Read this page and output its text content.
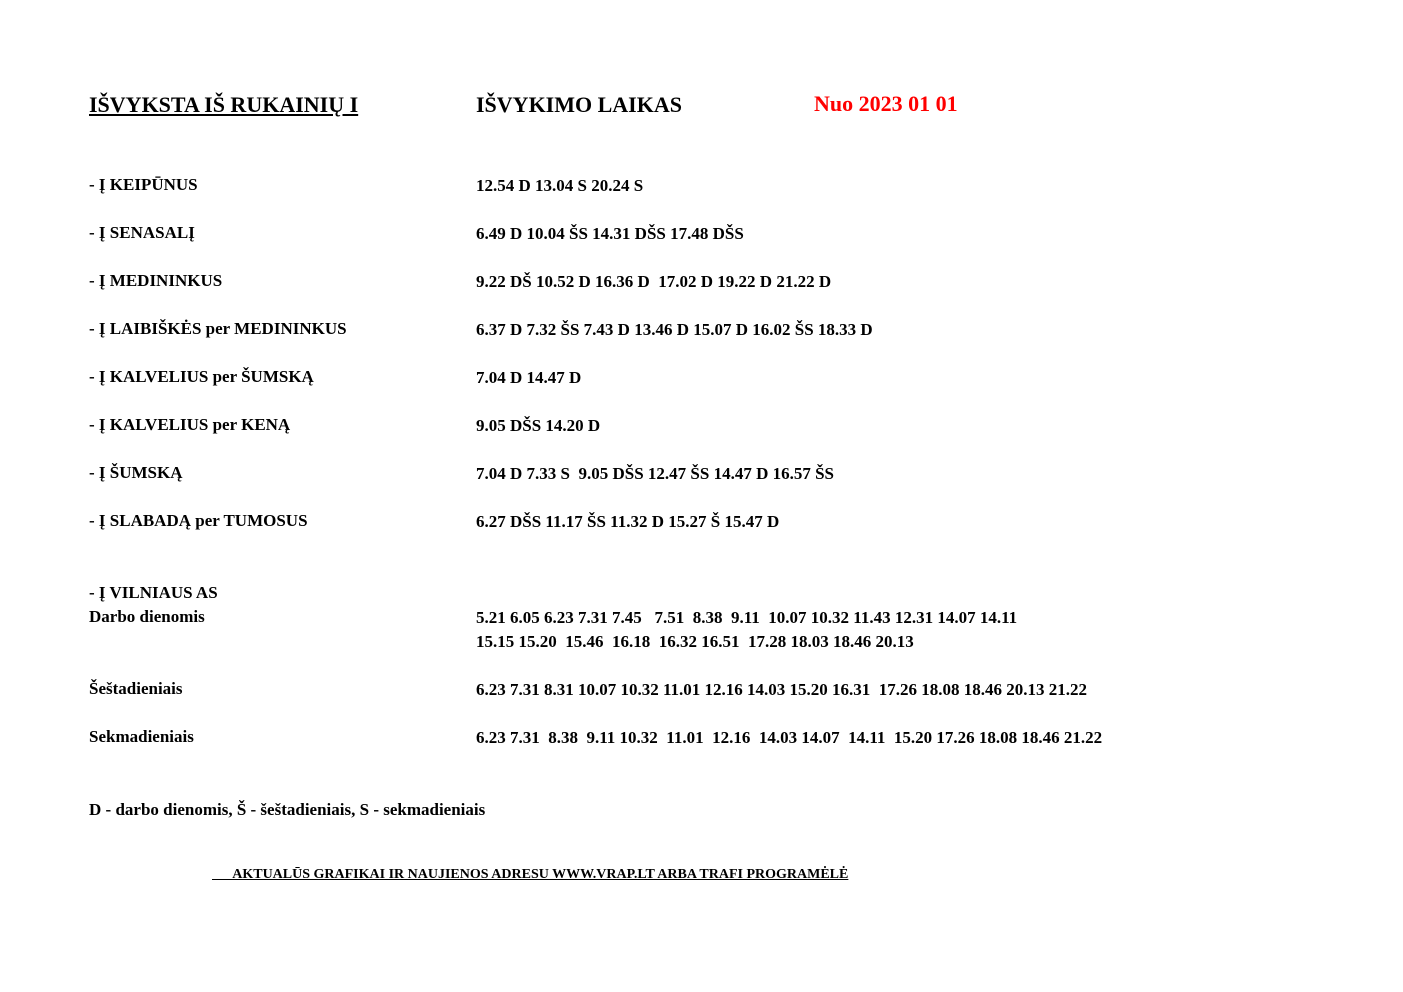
IŠVYKSTA IŠ RUKAINIŲ I	IŠVYKIMO LAIKAS	Nuo 2023 01 01
- Į KEIPŪNUS	12.54 D 13.04 S 20.24 S
- Į SENASALĮ	6.49 D 10.04 ŠS 14.31 DŠS 17.48 DŠS
- Į MEDININKUS	9.22 DŠ 10.52 D 16.36 D  17.02 D 19.22 D 21.22 D
- Į LAIBIŠKĖS per MEDININKUS	6.37 D 7.32 ŠS 7.43 D 13.46 D 15.07 D 16.02 ŠS 18.33 D
- Į KALVELIUS per ŠUMSKĄ	7.04 D 14.47 D
- Į KALVELIUS per KENĄ	9.05 DŠS 14.20 D
- Į ŠUMSKĄ	7.04 D 7.33 S  9.05 DŠS 12.47 ŠS 14.47 D 16.57 ŠS
- Į SLABADĄ per TUMOSUS	6.27 DŠS 11.17 ŠS 11.32 D 15.27 Š 15.47 D
- Į VILNIAUS AS
Darbo dienomis	5.21 6.05 6.23 7.31 7.45   7.51  8.38  9.11  10.07 10.32 11.43 12.31 14.07 14.11
15.15 15.20  15.46  16.18  16.32 16.51  17.28 18.03 18.46 20.13
Šeštadieniais	6.23 7.31 8.31 10.07 10.32 11.01 12.16 14.03 15.20 16.31  17.26 18.08 18.46 20.13 21.22
Sekmadieniais	6.23 7.31  8.38  9.11 10.32  11.01  12.16  14.03 14.07  14.11  15.20 17.26 18.08 18.46 21.22
D - darbo dienomis, Š - šeštadieniais, S - sekmadieniais
AKTUALŪS GRAFIKAI IR NAUJIENOS ADRESU WWW.VRAP.LT ARBA TRAFI PROGRAMĖLĖ
